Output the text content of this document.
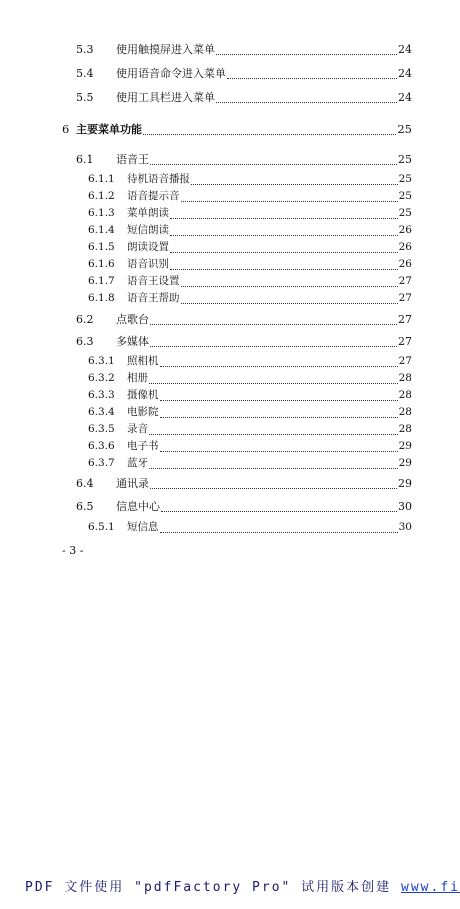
5.3	使用触摸屏进入菜单	24
5.4	使用语音命令进入菜单	24
5.5	使用工具栏进入菜单	24
6 主要菜单功能	25
6.1	语音王	25
6.1.1	待机语音播报	25
6.1.2	语音提示音	25
6.1.3	菜单朗读	25
6.1.4	短信朗读	26
6.1.5	朗读设置	26
6.1.6	语音识别	26
6.1.7	语音王设置	27
6.1.8	语音王帮助	27
6.2	点歌台	27
6.3	多媒体	27
6.3.1	照相机	27
6.3.2	相册	28
6.3.3	摄像机	28
6.3.4	电影院	28
6.3.5	录音	28
6.3.6	电子书	29
6.3.7	蓝牙	29
6.4	通讯录	29
6.5	信息中心	30
6.5.1	短信息	30
- 3 -
PDF 文件使用 "pdfFactory Pro" 试用版本创建 www.fi
